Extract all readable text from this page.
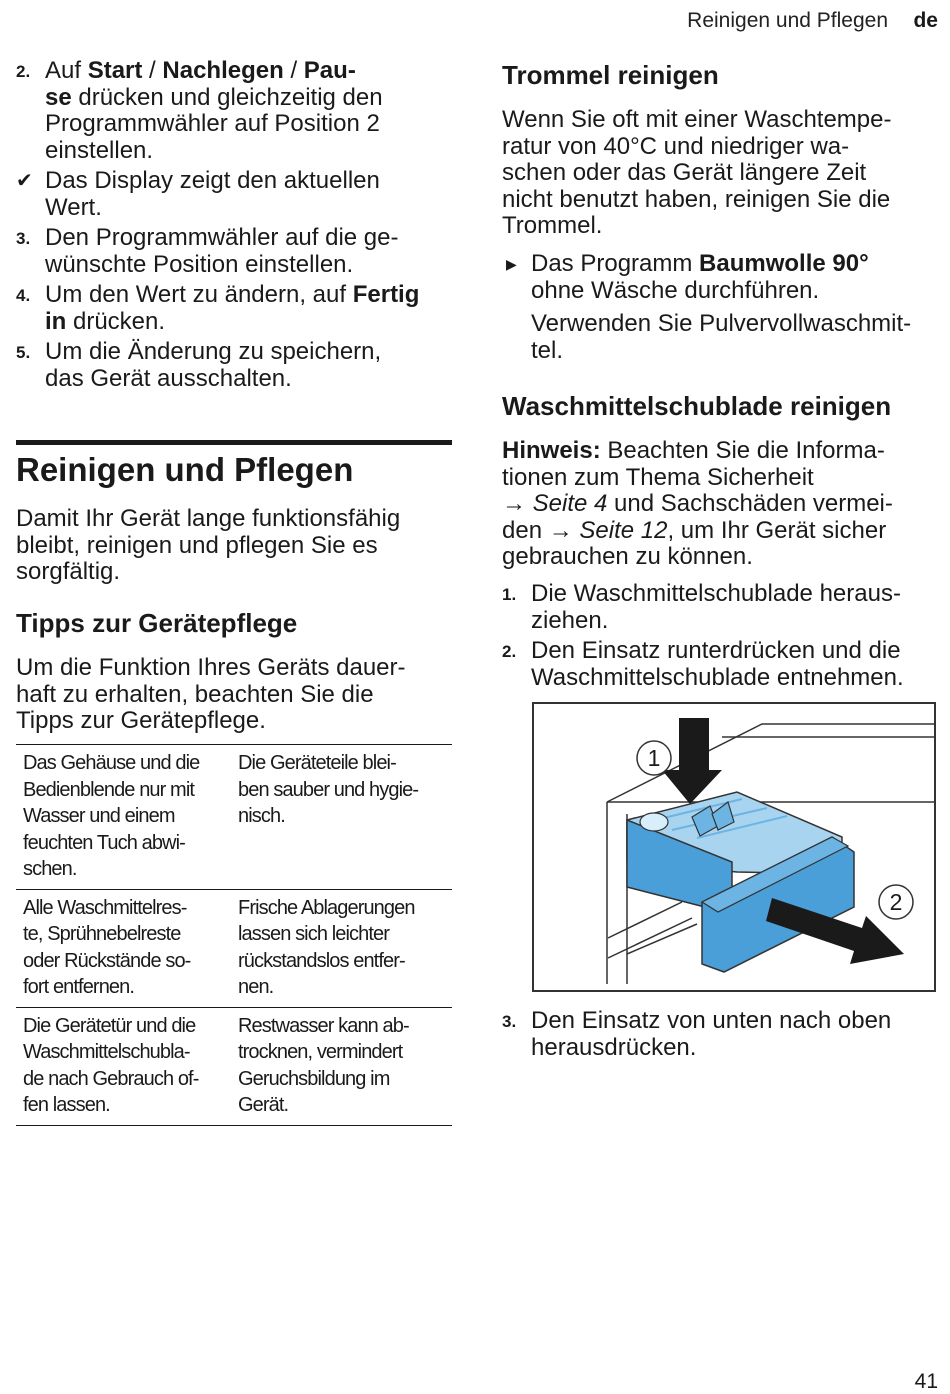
Reinigen und Pflegen de
2. Auf Start / Nachlegen / Pau-
se drücken und gleichzeitig den
Programmwähler auf Position 2
einstellen.
✔ Das Display zeigt den aktuellen
Wert.
3. Den Programmwähler auf die ge-
wünschte Position einstellen.
4. Um den Wert zu ändern, auf Fertig
in drücken.
5. Um die Änderung zu speichern,
das Gerät ausschalten.
Reinigen und Pflegen
Damit Ihr Gerät lange funktionsfähig
bleibt, reinigen und pflegen Sie es
sorgfältig.
Tipps zur Gerätepflege
Um die Funktion Ihres Geräts dauer-
haft zu erhalten, beachten Sie die
Tipps zur Gerätepflege.
Das Gehäuse und die
Bedienblende nur mit
Wasser und einem
feuchten Tuch abwi-
schen.	Die Geräteteile blei-
ben sauber und hygie-
nisch.
Alle Waschmittelres-
te, Sprühnebelreste
oder Rückstände so-
fort entfernen.	Frische Ablagerungen
lassen sich leichter
rückstandslos entfer-
nen.
Die Gerätetür und die
Waschmittelschubla-
de nach Gebrauch of-
fen lassen.	Restwasser kann ab-
trocknen, vermindert
Geruchsbildung im
Gerät.
Trommel reinigen
Wenn Sie oft mit einer Waschtempe-
ratur von 40°C und niedriger wa-
schen oder das Gerät längere Zeit
nicht benutzt haben, reinigen Sie die
Trommel.
▶ Das Programm Baumwolle 90°
ohne Wäsche durchführen.
Verwenden Sie Pulvervollwaschmit-
tel.
Waschmittelschublade reinigen
Hinweis: Beachten Sie die Informa-
tionen zum Thema Sicherheit
→ Seite 4 und Sachschäden vermei-
den → Seite 12, um Ihr Gerät sicher
gebrauchen zu können.
1. Die Waschmittelschublade heraus-
ziehen.
2. Den Einsatz runterdrücken und die
Waschmittelschublade entnehmen.
1
2
3. Den Einsatz von unten nach oben
herausdrücken.
41
